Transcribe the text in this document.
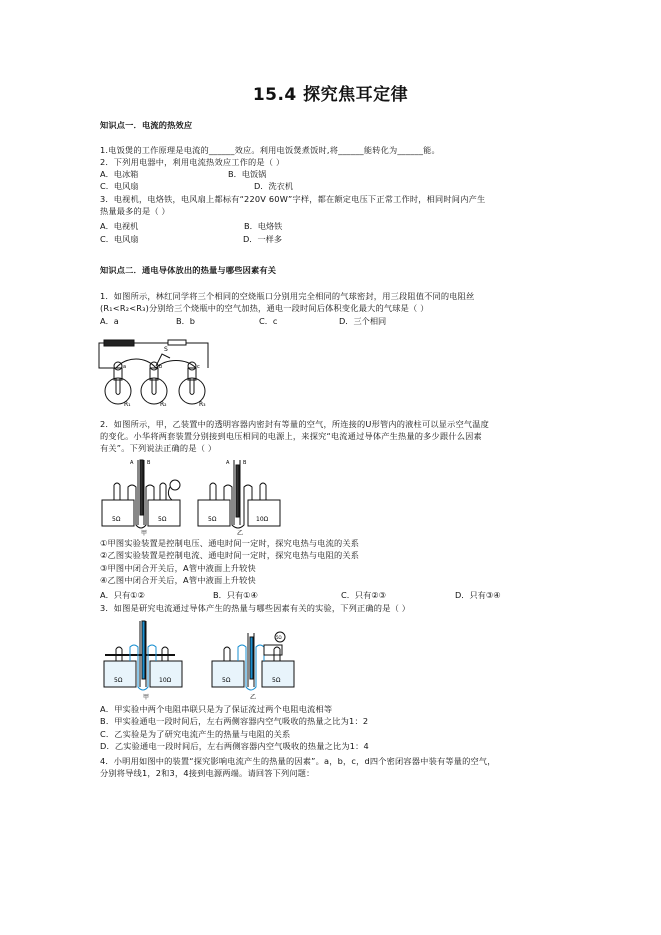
15.4 探究焦耳定律
知识点一．电流的热效应
1.电饭煲的工作原理是电流的______效应。利用电饭煲煮饭时,将______能转化为______能。
2．下列用电器中，利用电流热效应工作的是（ ）
A．电冰箱	B．电饭锅
C．电风扇	D．洗衣机
3．电视机，电烙铁，电风扇上都标有“220V 60W”字样，都在额定电压下正常工作时，相同时间内产生
热量最多的是（ ）
A．电视机	B．电烙铁
C．电风扇	D．一样多
知识点二．通电导体放出的热量与哪些因素有关
1．如图所示，林红同学将三个相同的空烧瓶口分别用完全相同的气球密封，用三段阻值不同的电阻丝
(R₁<R₂<R₃)分别给三个烧瓶中的空气加热，通电一段时间后体积变化最大的气球是（ ）
A．a	B．b	C．c	D．三个相同
S
R₁	R₂	R₃
a	b	c
2．如图所示，甲，乙装置中的透明容器内密封有等量的空气，所连接的U形管内的液柱可以显示空气温度
的变化。小华将两套装置分别接到电压相同的电源上，来探究“电流通过导体产生热量的多少跟什么因素
有关”。下列说法正确的是（ ）
A	B
5Ω	5Ω
甲
A	B
5Ω	10Ω
乙
①甲图实验装置是控制电压、通电时间一定时，探究电热与电流的关系
②乙图实验装置是控制电流、通电时间一定时，探究电热与电阻的关系
③甲图中闭合开关后，A管中液面上升较快
④乙图中闭合开关后，A管中液面上升较快
A．只有①②	B．只有①④	C．只有②③	D．只有③④
3．如图是研究电流通过导体产生的热量与哪些因素有关的实验，下列正确的是（ ）
5Ω	10Ω
甲
5Ω	5Ω
5Ω
乙
A．甲实验中两个电阻串联只是为了保证流过两个电阻电流相等
B．甲实验通电一段时间后，左右两侧容器内空气吸收的热量之比为1：2
C．乙实验是为了研究电流产生的热量与电阻的关系
D．乙实验通电一段时间后，左右两侧容器内空气吸收的热量之比为1：4
4．小明用如图中的装置“探究影响电流产生的热量的因素”。a，b，c，d四个密闭容器中装有等量的空气，
分别将导线1，2和3，4接到电源两端。请回答下列问题：
